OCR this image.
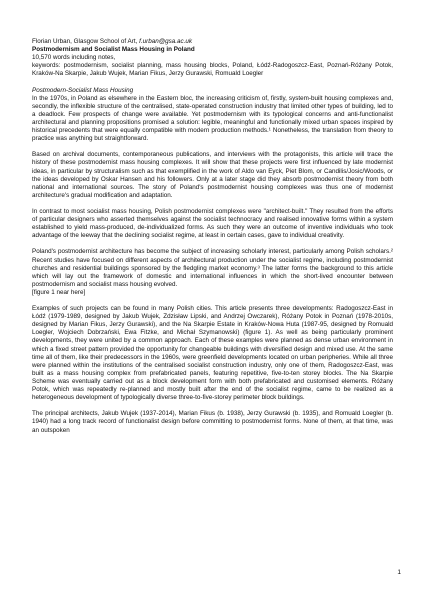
Florian Urban, Glasgow School of Art, f.urban@gsa.ac.uk
Postmodernism and Socialist Mass Housing in Poland
10,570 words including notes,
keywords: postmodernism, socialist planning, mass housing blocks, Poland, Łódź-Radogoszcz-East, Poznań-Różany Potok, Kraków-Na Skarpie, Jakub Wujek, Marian Fikus, Jerzy Gurawski, Romuald Loegler
Postmodern-Socialist Mass Housing

In the 1970s, in Poland as elsewhere in the Eastern bloc, the increasing criticism of, firstly, system-built housing complexes and, secondly, the inflexible structure of the centralised, state-operated construction industry that limited other types of building, led to a deadlock. Few prospects of change were available. Yet postmodernism with its typological concerns and anti-functionalist architectural and planning propositions promised a solution: legible, meaningful and functionally mixed urban spaces inspired by historical precedents that were equally compatible with modern production methods.¹ Nonetheless, the translation from theory to practice was anything but straightforward.

Based on archival documents, contemporaneous publications, and interviews with the protagonists, this article will trace the history of these postmodernist mass housing complexes. It will show that these projects were first influenced by late modernist ideas, in particular by structuralism such as that exemplified in the work of Aldo van Eyck, Piet Blom, or Candilis/Josic/Woods, or the ideas developed by Oskar Hansen and his followers. Only at a later stage did they absorb postmodernist theory from both national and international sources. The story of Poland's postmodernist housing complexes was thus one of modernist architecture's gradual modification and adaptation.

In contrast to most socialist mass housing, Polish postmodernist complexes were "architect-built." They resulted from the efforts of particular designers who asserted themselves against the socialist technocracy and realised innovative forms within a system established to yield mass-produced, de-individualized forms. As such they were an outcome of inventive individuals who took advantage of the leeway that the declining socialist regime, at least in certain cases, gave to individual creativity.

Poland's postmodernist architecture has become the subject of increasing scholarly interest, particularly among Polish scholars.² Recent studies have focused on different aspects of architectural production under the socialist regime, including postmodernist churches and residential buildings sponsored by the fledgling market economy.³ The latter forms the background to this article which will lay out the framework of domestic and international influences in which the short-lived encounter between postmodernism and socialist mass housing evolved.

[figure 1 near here]

Examples of such projects can be found in many Polish cities. This article presents three developments: Radogoszcz-East in Łódź (1979-1989, designed by Jakub Wujek, Zdzisław Lipski, and Andrzej Owczarek), Różany Potok in Poznań (1978-2010s, designed by Marian Fikus, Jerzy Gurawski), and the Na Skarpie Estate in Kraków-Nowa Huta (1987-95, designed by Romuald Loegler, Wojciech Dobrzański, Ewa Fitzke, and Michał Szymanowski) (figure 1). As well as being particularly prominent developments, they were united by a common approach. Each of these examples were planned as dense urban environment in which a fixed street pattern provided the opportunity for changeable buildings with diversified design and mixed use. At the same time all of them, like their predecessors in the 1960s, were greenfield developments located on urban peripheries. While all three were planned within the institutions of the centralised socialist construction industry, only one of them, Radogoszcz-East, was built as a mass housing complex from prefabricated panels, featuring repetitive, five-to-ten storey blocks. The Na Skarpie Scheme was eventually carried out as a block development form with both prefabricated and customised elements. Różany Potok, which was repeatedly re-planned and mostly built after the end of the socialist regime, came to be realized as a heterogeneous development of typologically diverse three-to-five-storey perimeter block buildings.

The principal architects, Jakub Wujek (1937-2014), Marian Fikus (b. 1938), Jerzy Gurawski (b. 1935), and Romuald Loegler (b. 1940) had a long track record of functionalist design before committing to postmodernist forms. None of them, at that time, was an outspoken

1
